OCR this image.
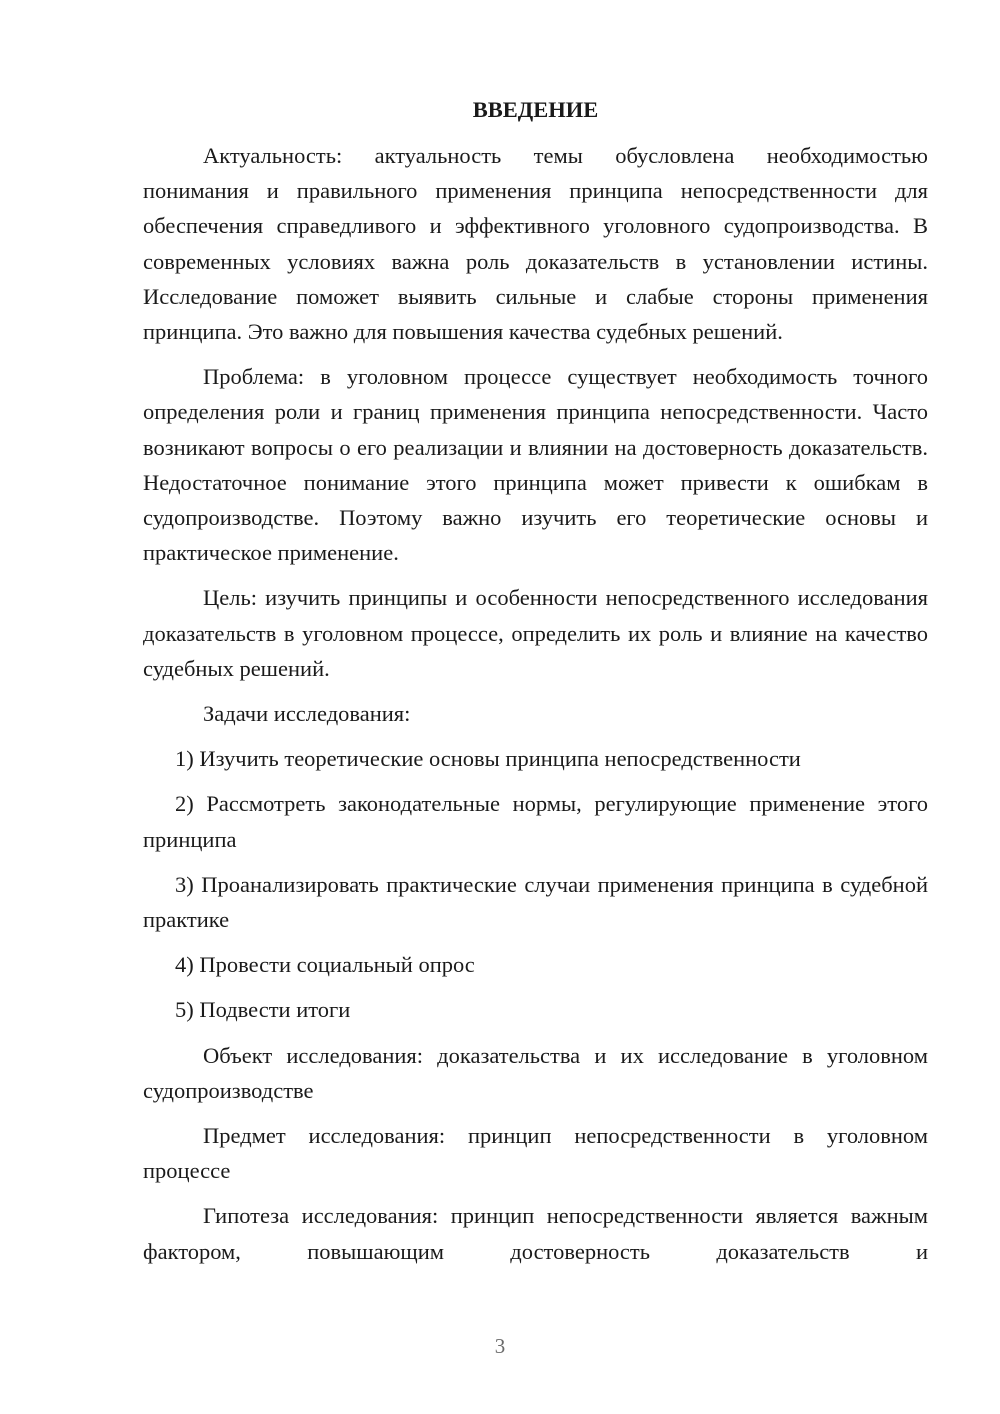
ВВЕДЕНИЕ

Актуальность: актуальность темы обусловлена необходимостью понимания и правильного применения принципа непосредственности для обеспечения справедливого и эффективного уголовного судопроизводства. В современных условиях важна роль доказательств в установлении истины. Исследование поможет выявить сильные и слабые стороны применения принципа. Это важно для повышения качества судебных решений.

Проблема: в уголовном процессе существует необходимость точного определения роли и границ применения принципа непосредственности. Часто возникают вопросы о его реализации и влиянии на достоверность доказательств. Недостаточное понимание этого принципа может привести к ошибкам в судопроизводстве. Поэтому важно изучить его теоретические основы и практическое применение.

Цель: изучить принципы и особенности непосредственного исследования доказательств в уголовном процессе, определить их роль и влияние на качество судебных решений.

Задачи исследования:

1) Изучить теоретические основы принципа непосредственности

2) Рассмотреть законодательные нормы, регулирующие применение этого принципа

3) Проанализировать практические случаи применения принципа в судебной практике

4) Провести социальный опрос

5) Подвести итоги

Объект исследования: доказательства и их исследование в уголовном судопроизводстве

Предмет исследования: принцип непосредственности в уголовном процессе

Гипотеза исследования: принцип непосредственности является важным фактором, повышающим достоверность доказательств и

3
